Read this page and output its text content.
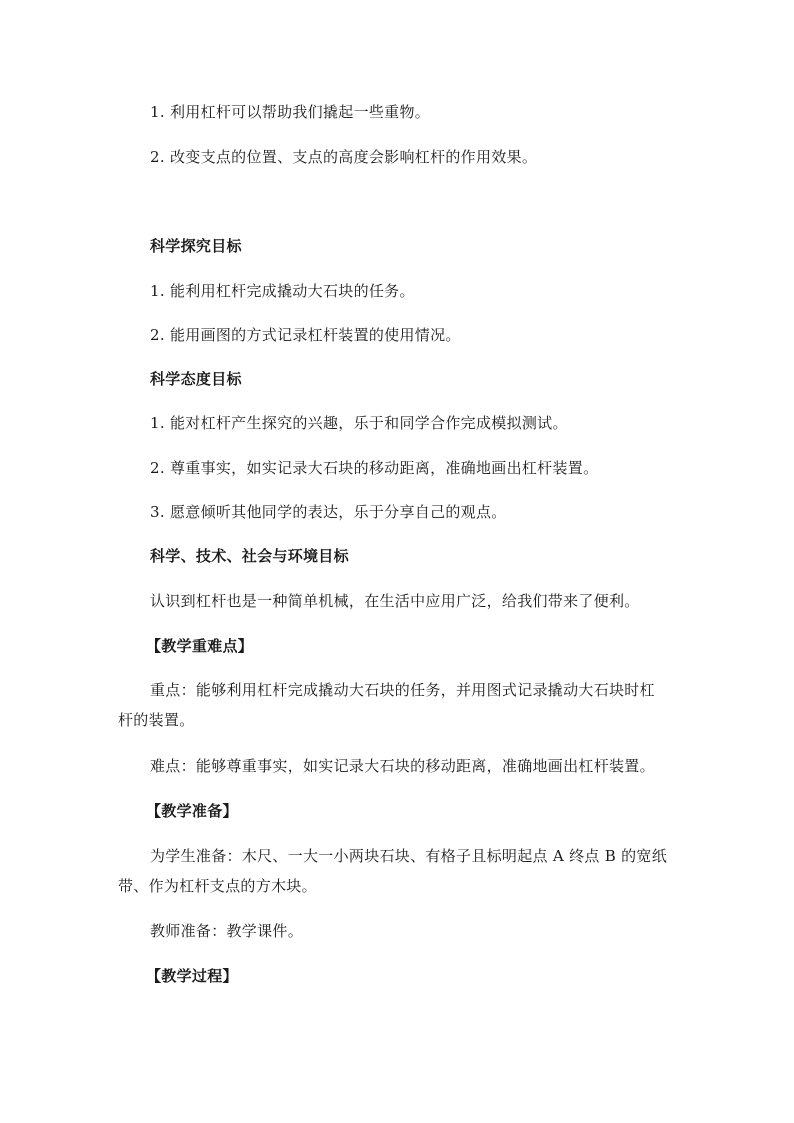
1. 利用杠杆可以帮助我们撬起一些重物。
2. 改变支点的位置、支点的高度会影响杠杆的作用效果。
科学探究目标
1. 能利用杠杆完成撬动大石块的任务。
2. 能用画图的方式记录杠杆装置的使用情况。
科学态度目标
1. 能对杠杆产生探究的兴趣，乐于和同学合作完成模拟测试。
2. 尊重事实，如实记录大石块的移动距离，准确地画出杠杆装置。
3. 愿意倾听其他同学的表达，乐于分享自己的观点。
科学、技术、社会与环境目标
认识到杠杆也是一种简单机械，在生活中应用广泛，给我们带来了便利。
【教学重难点】
重点：能够利用杠杆完成撬动大石块的任务，并用图式记录撬动大石块时杠
杆的装置。
难点：能够尊重事实，如实记录大石块的移动距离，准确地画出杠杆装置。
【教学准备】
为学生准备：木尺、一大一小两块石块、有格子且标明起点 A 终点 B 的宽纸
带、作为杠杆支点的方木块。
教师准备：教学课件。
【教学过程】
